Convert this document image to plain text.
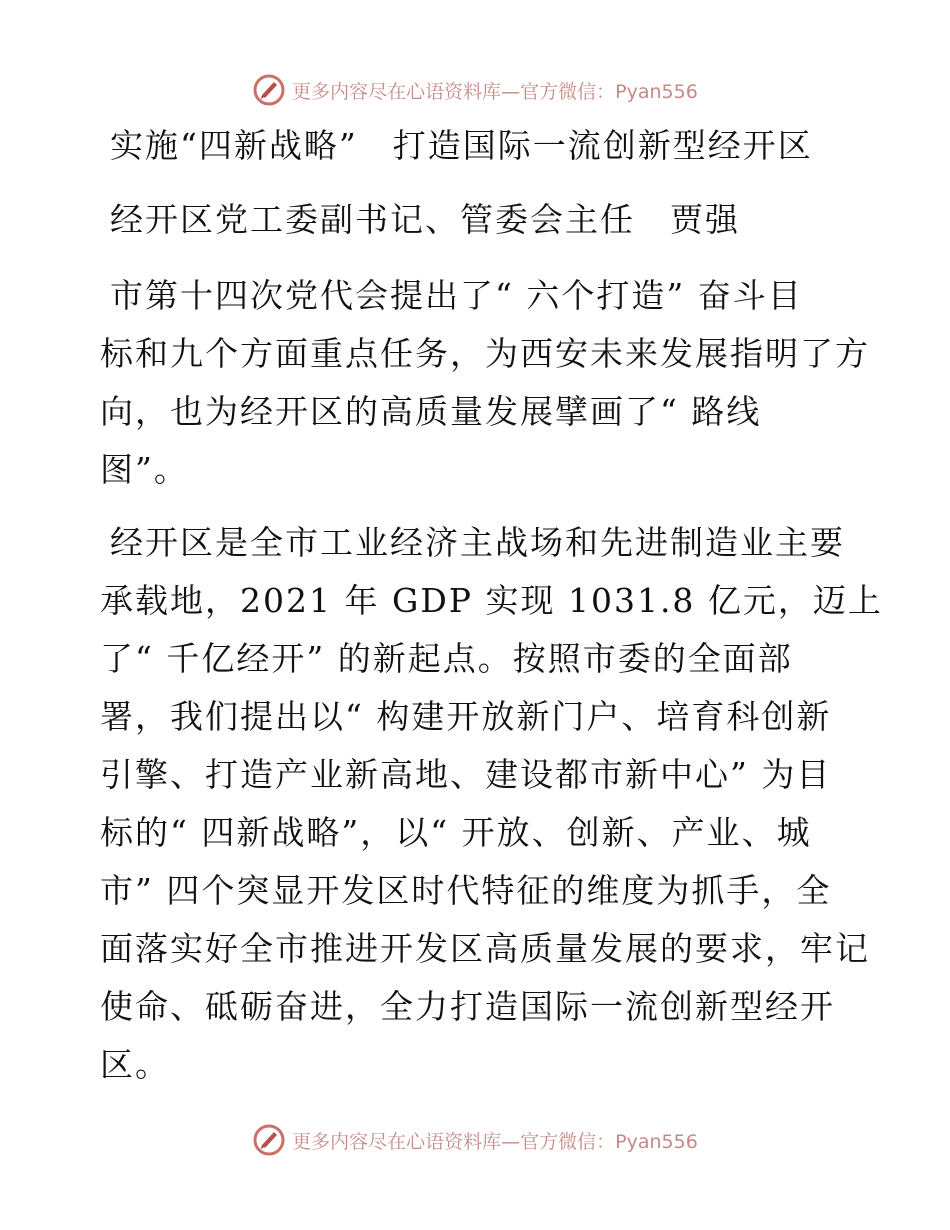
更多内容尽在心语资料库—官方微信：Pyan556
实施“四新战略”　打造国际一流创新型经开区
经开区党工委副书记、管委会主任　贾强
市第十四次党代会提出了“ 六个打造” 奋斗目
标和九个方面重点任务，为西安未来发展指明了方
向，也为经开区的高质量发展擘画了“ 路线
图”。
经开区是全市工业经济主战场和先进制造业主要
承载地，2021 年 GDP 实现 1031.8 亿元，迈上
了“ 千亿经开” 的新起点。按照市委的全面部
署，我们提出以“ 构建开放新门户、培育科创新
引擎、打造产业新高地、建设都市新中心” 为目
标的“ 四新战略”，以“ 开放、创新、产业、城
市” 四个突显开发区时代特征的维度为抓手，全
面落实好全市推进开发区高质量发展的要求，牢记
使命、砥砺奋进，全力打造国际一流创新型经开
区。
更多内容尽在心语资料库—官方微信：Pyan556
